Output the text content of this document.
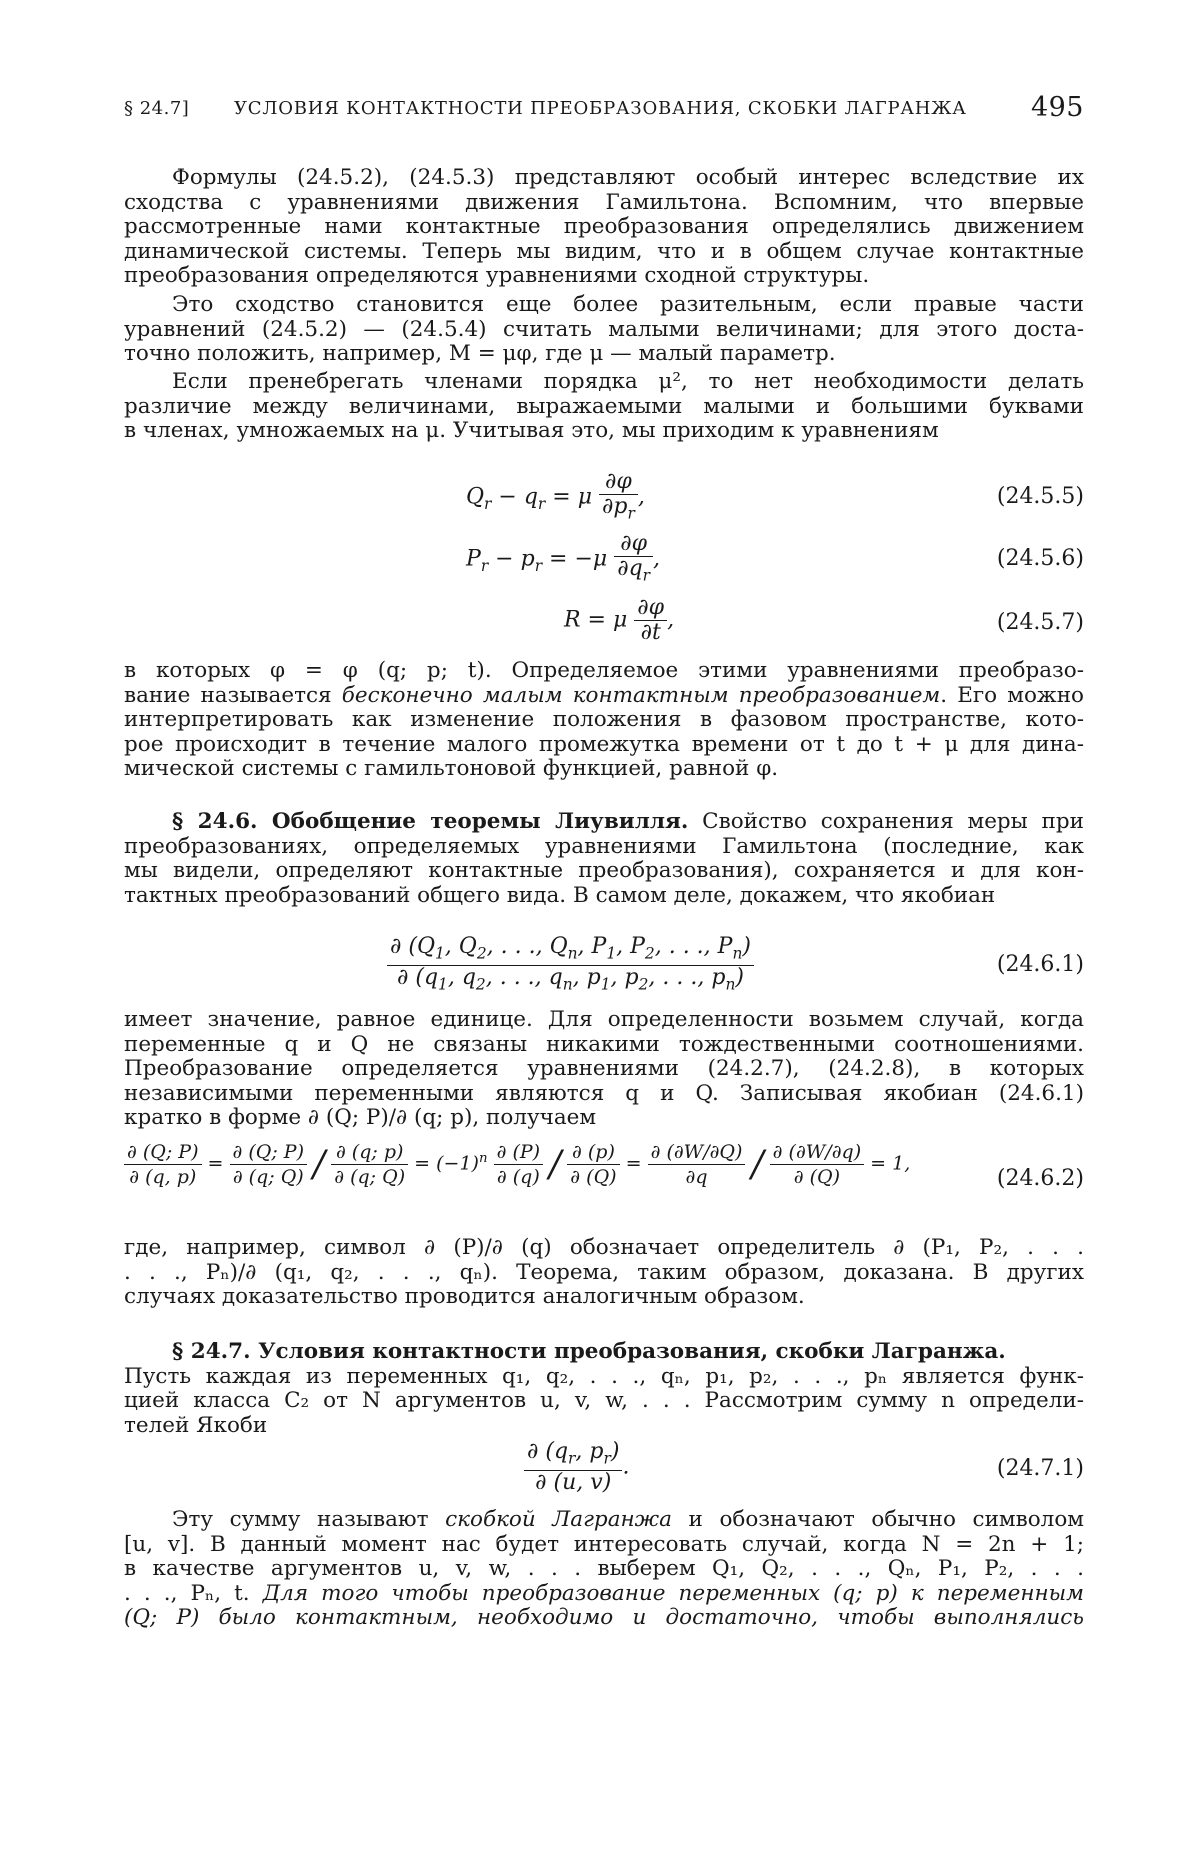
§ 24.7] УСЛОВИЯ КОНТАКТНОСТИ ПРЕОБРАЗОВАНИЯ, СКОБКИ ЛАГРАНЖА 495
Формулы (24.5.2), (24.5.3) представляют особый интерес вследствие их
сходства с уравнениями движения Гамильтона. Вспомним, что впервые
рассмотренные нами контактные преобразования определялись движением
динамической системы. Теперь мы видим, что и в общем случае контактные
преобразования определяются уравнениями сходной структуры.
Это сходство становится еще более разительным, если правые части
уравнений (24.5.2) — (24.5.4) считать малыми величинами; для этого доста-
точно положить, например, M = μφ, где μ — малый параметр.
Если пренебрегать членами порядка μ², то нет необходимости делать
различие между величинами, выражаемыми малыми и большими буквами
в членах, умножаемых на μ. Учитывая это, мы приходим к уравнениям
$Q_r - q_r = \mu \frac{\partial\varphi}{\partial p_r}$ ,	(24.5.5)
$P_r - p_r = -\mu \frac{\partial\varphi}{\partial q_r}$ ,	(24.5.6)
R = μ $\frac{\partial\varphi}{\partial t}$ ,	(24.5.7)
в которых φ = φ (q; p; t). Определяемое этими уравнениями преобразо-
вание называется бесконечно малым контактным преобразованием. Его можно
интерпретировать как изменение положения в фазовом пространстве, кото-
рое происходит в течение малого промежутка времени от t до t + μ для дина-
мической системы с гамильтоновой функцией, равной φ.
§ 24.6. Обобщение теоремы Лиувилля. Свойство сохранения меры при
преобразованиях, определяемых уравнениями Гамильтона (последние, как
мы видели, определяют контактные преобразования), сохраняется и для кон-
тактных преобразований общего вида. В самом деле, докажем, что якобиан
$\frac{\partial (Q_1, Q_2, . . ., Q_n, P_1, P_2, . . ., P_n)}{\partial (q_1, q_2, . . ., q_n, p_1, p_2, . . ., p_n)}$	(24.6.1)
имеет значение, равное единице. Для определенности возьмем случай, когда
переменные q и Q не связаны никакими тождественными соотношениями.
Преобразование определяется уравнениями (24.2.7), (24.2.8), в которых
независимыми переменными являются q и Q. Записывая якобиан (24.6.1)
кратко в форме ∂ (Q; P)/∂ (q; p), получаем
$\frac{\partial (Q; P)}{\partial (q, p)} = \frac{\partial (Q; P)}{\partial (q; Q)} / \frac{\partial (q; p)}{\partial (q; Q)} = (-1)^n \frac{\partial (P)}{\partial (q)} / \frac{\partial (p)}{\partial (Q)} = \frac{\partial (\partial W/\partial Q)}{\partial q} / \frac{\partial (\partial W/\partial q)}{\partial (Q)} = 1$,
(24.6.2)
где, например, символ ∂ (P)/∂ (q) обозначает определитель ∂ (P₁, P₂, . . .
. . ., Pₙ)/∂ (q₁, q₂, . . ., qₙ). Теорема, таким образом, доказана. В других
случаях доказательство проводится аналогичным образом.
§ 24.7. Условия контактности преобразования, скобки Лагранжа.
Пусть каждая из переменных q₁, q₂, . . ., qₙ, p₁, p₂, . . ., pₙ является функ-
цией класса C₂ от N аргументов u, v, w, . . . Рассмотрим сумму n определи-
телей Якоби
$\frac{\partial (q_r, p_r)}{\partial (u, v)}$ .	(24.7.1)
Эту сумму называют скобкой Лагранжа и обозначают обычно символом
[u, v]. В данный момент нас будет интересовать случай, когда N = 2n + 1;
в качестве аргументов u, v, w, . . . выберем Q₁, Q₂, . . ., Qₙ, P₁, P₂, . . .
. . ., Pₙ, t. Для того чтобы преобразование переменных (q; p) к переменным
(Q; P) было контактным, необходимо и достаточно, чтобы выполнялись
